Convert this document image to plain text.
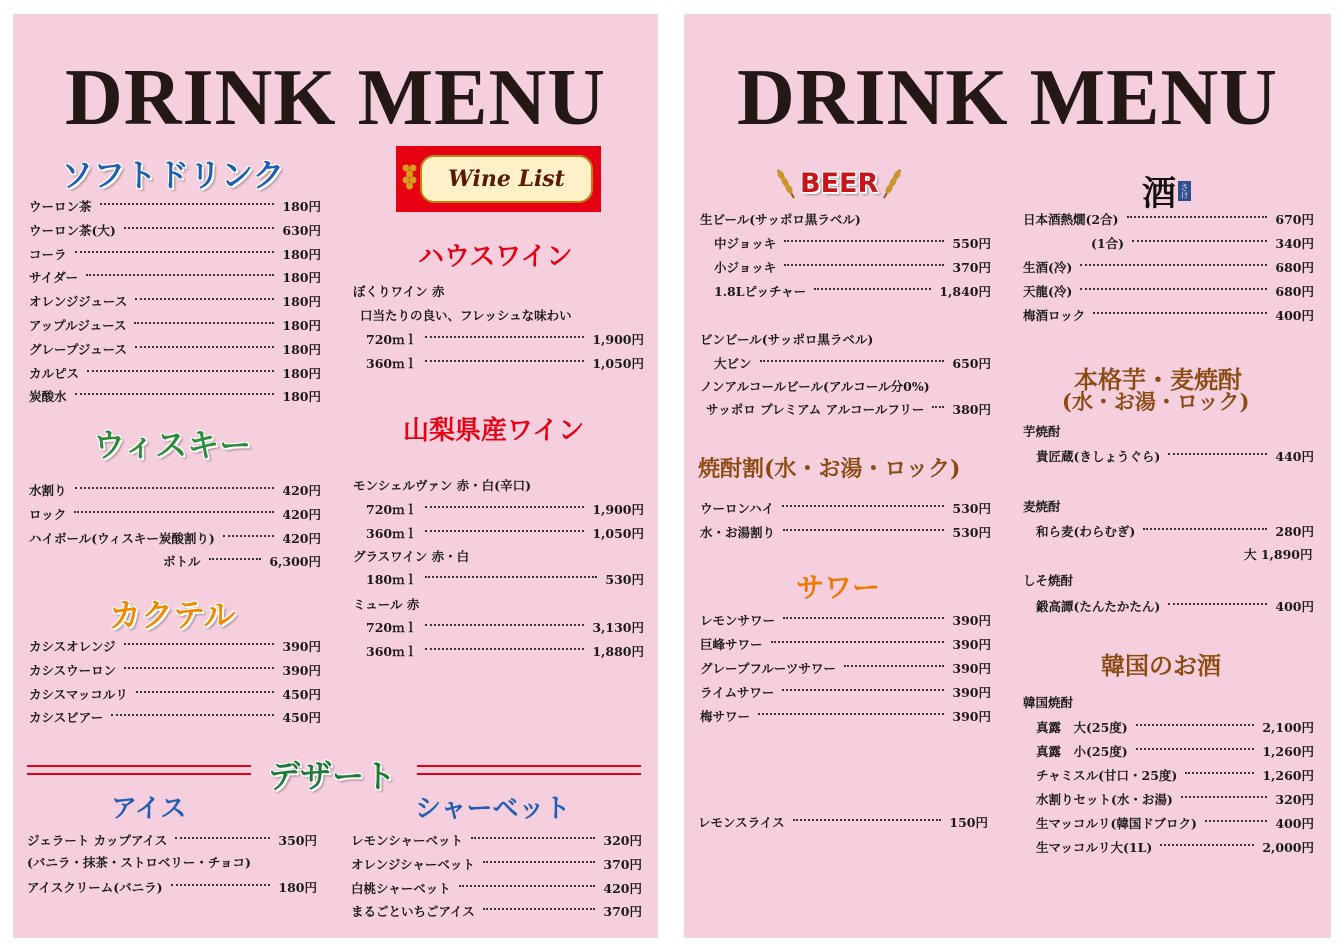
DRINK MENU
ソフトドリンク
ウーロン茶	180円
ウーロン茶(大)	630円
コーラ	180円
サイダー	180円
オレンジジュース	180円
アップルジュース	180円
グレープジュース	180円
カルピス	180円
炭酸水	180円
ウィスキー
水割り	420円
ロック	420円
ハイボール(ウィスキー炭酸割り)	420円
ボトル	6,300円
カクテル
カシスオレンジ	390円
カシスウーロン	390円
カシスマッコルリ	450円
カシスビアー	450円
Wine List
ハウスワイン
ぼくりワイン 赤
口当たりの良い、フレッシュな味わい
720ｍｌ	1,900円
360ｍｌ	1,050円
山梨県産ワイン
モンシェルヴァン 赤・白(辛口)
720ｍｌ	1,900円
360ｍｌ	1,050円
グラスワイン 赤・白
180ｍｌ	530円
ミュール 赤
720ｍｌ	3,130円
360ｍｌ	1,880円
デザート
アイス	シャーベット
ジェラート カップアイス	350円
アイスクリーム(バニラ)	180円
(バニラ・抹茶・ストロベリー・チョコ)
レモンシャーベット	320円
オレンジシャーベット	370円
白桃シャーベット	420円
まるごといちごアイス	370円
DRINK MENU
BEER
生ビール(サッポロ黒ラベル)
中ジョッキ	550円
小ジョッキ	370円
1.8Lピッチャー	1,840円
ビンビール(サッポロ黒ラベル)
大ビン	650円
ノンアルコールビール(アルコール分0%)
サッポロ プレミアム アルコールフリー 380円
焼酎割(水・お湯・ロック)
ウーロンハイ	530円
水・お湯割り	530円
サワー
レモンサワー	390円
巨峰サワー	390円
グレープフルーツサワー	390円
ライムサワー	390円
梅サワー	390円
レモンスライス	150円
酒 さけ
日本酒熱燗(2合)	670円
(1合)	340円
生酒(冷)	680円
天龍(冷)	680円
梅酒ロック	400円
本格芋・麦焼酎
(水・お湯・ロック)
芋焼酎
貴匠蔵(きしょうぐら)	440円
麦焼酎
和ら麦(わらむぎ)	280円
大 1,890円
しそ焼酎
鍛高譚(たんたかたん)	400円
韓国のお酒
韓国焼酎
真露　大(25度)	2,100円
真露　小(25度)	1,260円
チャミスル(甘口・25度)	1,260円
水割りセット(水・お湯)	320円
生マッコルリ(韓国ドブロク)	400円
生マッコルリ大(1L)	2,000円
